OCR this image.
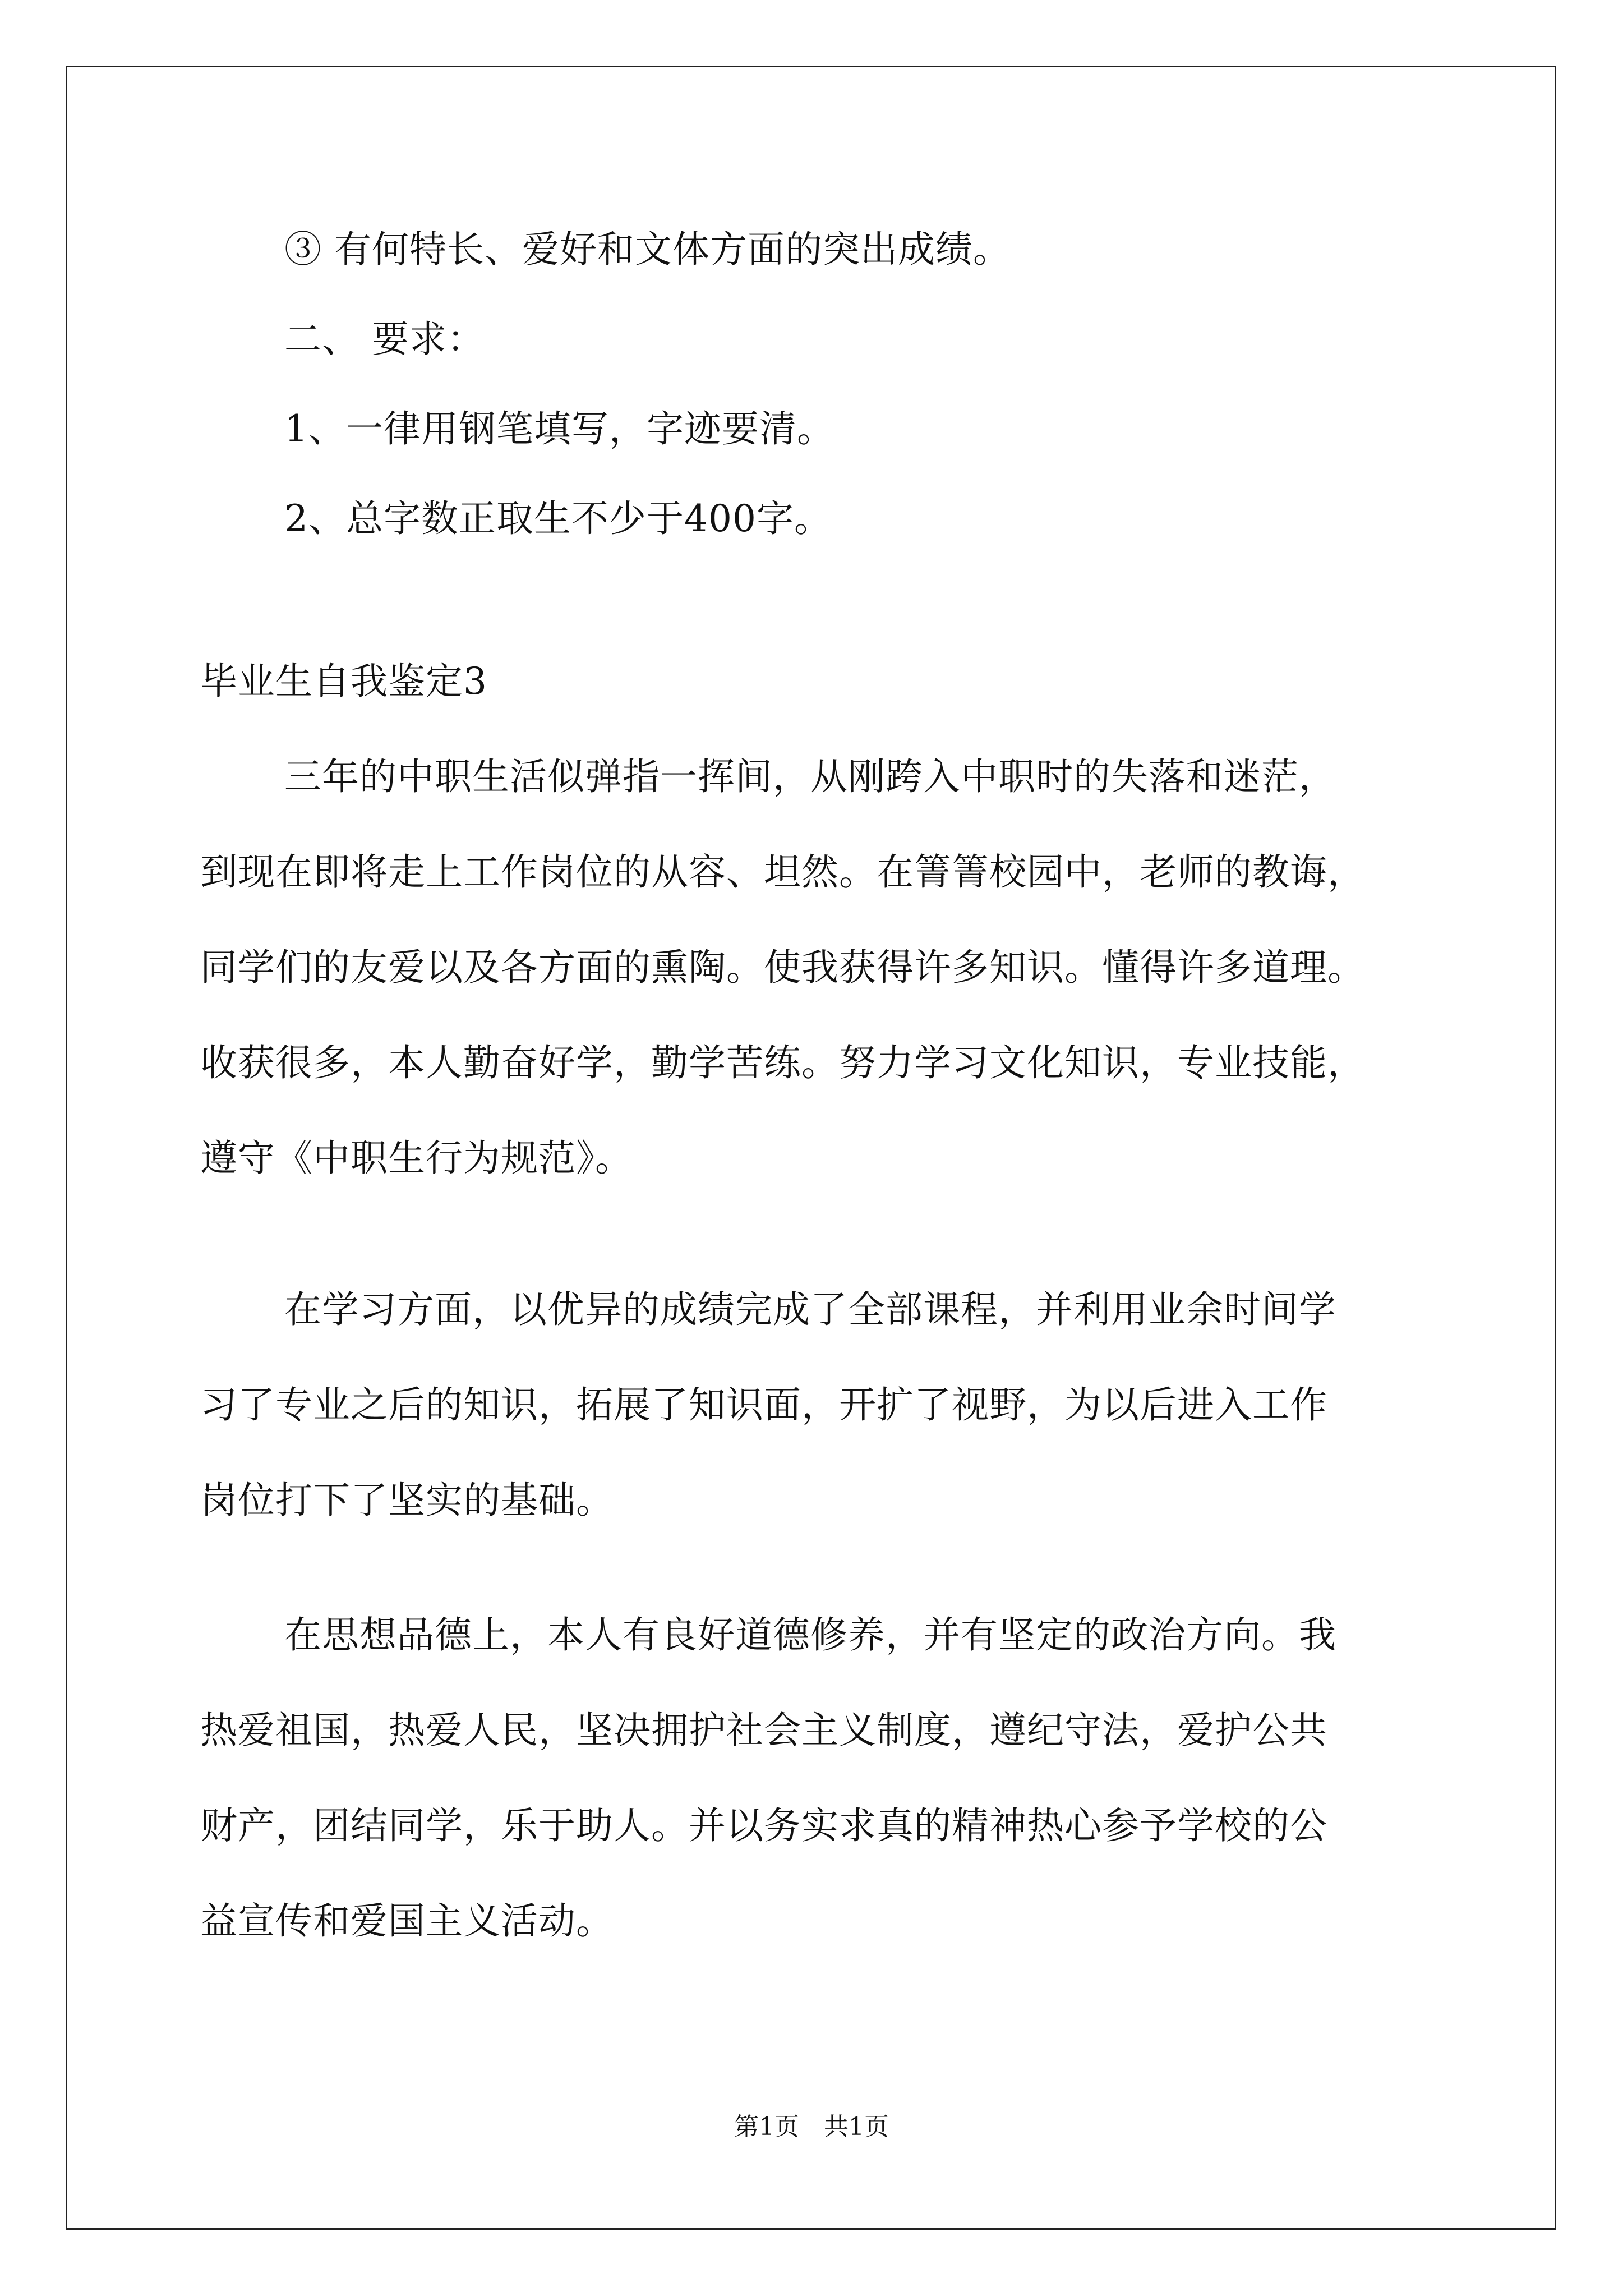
③ 有何特长、爱好和文体方面的突出成绩。
二、 要求：
1、一律用钢笔填写，字迹要清。
2、总字数正取生不少于400字。
毕业生自我鉴定3
三年的中职生活似弹指一挥间，从刚跨入中职时的失落和迷茫，
到现在即将走上工作岗位的从容、坦然。在箐箐校园中，老师的教诲，
同学们的友爱以及各方面的熏陶。使我获得许多知识。懂得许多道理。
收获很多，本人勤奋好学，勤学苦练。努力学习文化知识，专业技能，
遵守《中职生行为规范》。
在学习方面，以优异的成绩完成了全部课程，并利用业余时间学
习了专业之后的知识，拓展了知识面，开扩了视野，为以后进入工作
岗位打下了坚实的基础。
在思想品德上，本人有良好道德修养，并有坚定的政治方向。我
热爱祖国，热爱人民，坚决拥护社会主义制度，遵纪守法，爱护公共
财产，团结同学，乐于助人。并以务实求真的精神热心参予学校的公
益宣传和爱国主义活动。
第1页　共1页
